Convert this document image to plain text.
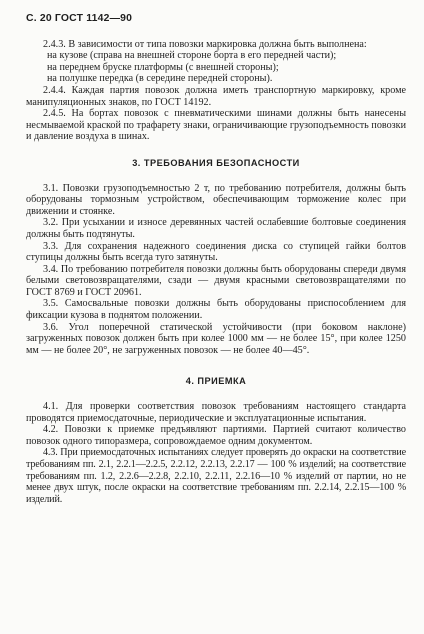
С. 20 ГОСТ 1142—90

2.4.3. В зависимости от типа повозки маркировка должна быть выполнена:

на кузове (справа на внешней стороне борта в его передней части);

на переднем бруске платформы (с внешней стороны);

на полушке передка (в середине передней стороны).

2.4.4. Каждая партия повозок должна иметь транспортную маркировку, кроме манипуляционных знаков, по ГОСТ 14192.

2.4.5. На бортах повозок с пневматическими шинами должны быть нанесены несмываемой краской по трафарету знаки, ограничивающие грузоподъемность повозки и давление воздуха в шинах.

3. ТРЕБОВАНИЯ БЕЗОПАСНОСТИ

3.1. Повозки грузоподъемностью 2 т, по требованию потребителя, должны быть оборудованы тормозным устройством, обеспечивающим торможение колес при движении и стоянке.

3.2. При усыхании и износе деревянных частей ослабевшие болтовые соединения должны быть подтянуты.

3.3. Для сохранения надежного соединения диска со ступицей гайки болтов ступицы должны быть всегда туго затянуты.

3.4. По требованию потребителя повозки должны быть оборудованы спереди двумя белыми световозвращателями, сзади — двумя красными световозвращателями по ГОСТ 8769 и ГОСТ 20961.

3.5. Самосвальные повозки должны быть оборудованы приспособлением для фиксации кузова в поднятом положении.

3.6. Угол поперечной статической устойчивости (при боковом наклоне) загруженных повозок должен быть при колее 1000 мм — не более 15°, при колее 1250 мм — не более 20°, не загруженных повозок — не более 40—45°.

4. ПРИЕМКА

4.1. Для проверки соответствия повозок требованиям настоящего стандарта проводятся приемосдаточные, периодические и эксплуатационные испытания.

4.2. Повозки к приемке предъявляют партиями. Партией считают количество повозок одного типоразмера, сопровождаемое одним документом.

4.3. При приемосдаточных испытаниях следует проверять до окраски на соответствие требованиям пп. 2.1, 2.2.1—2.2.5, 2.2.12, 2.2.13, 2.2.17 — 100 % изделий; на соответствие требованиям пп. 1.2, 2.2.6—2.2.8, 2.2.10, 2.2.11, 2.2.16—10 % изделий от партии, но не менее двух штук, после окраски на соответствие требованиям пп. 2.2.14, 2.2.15—100 % изделий.
